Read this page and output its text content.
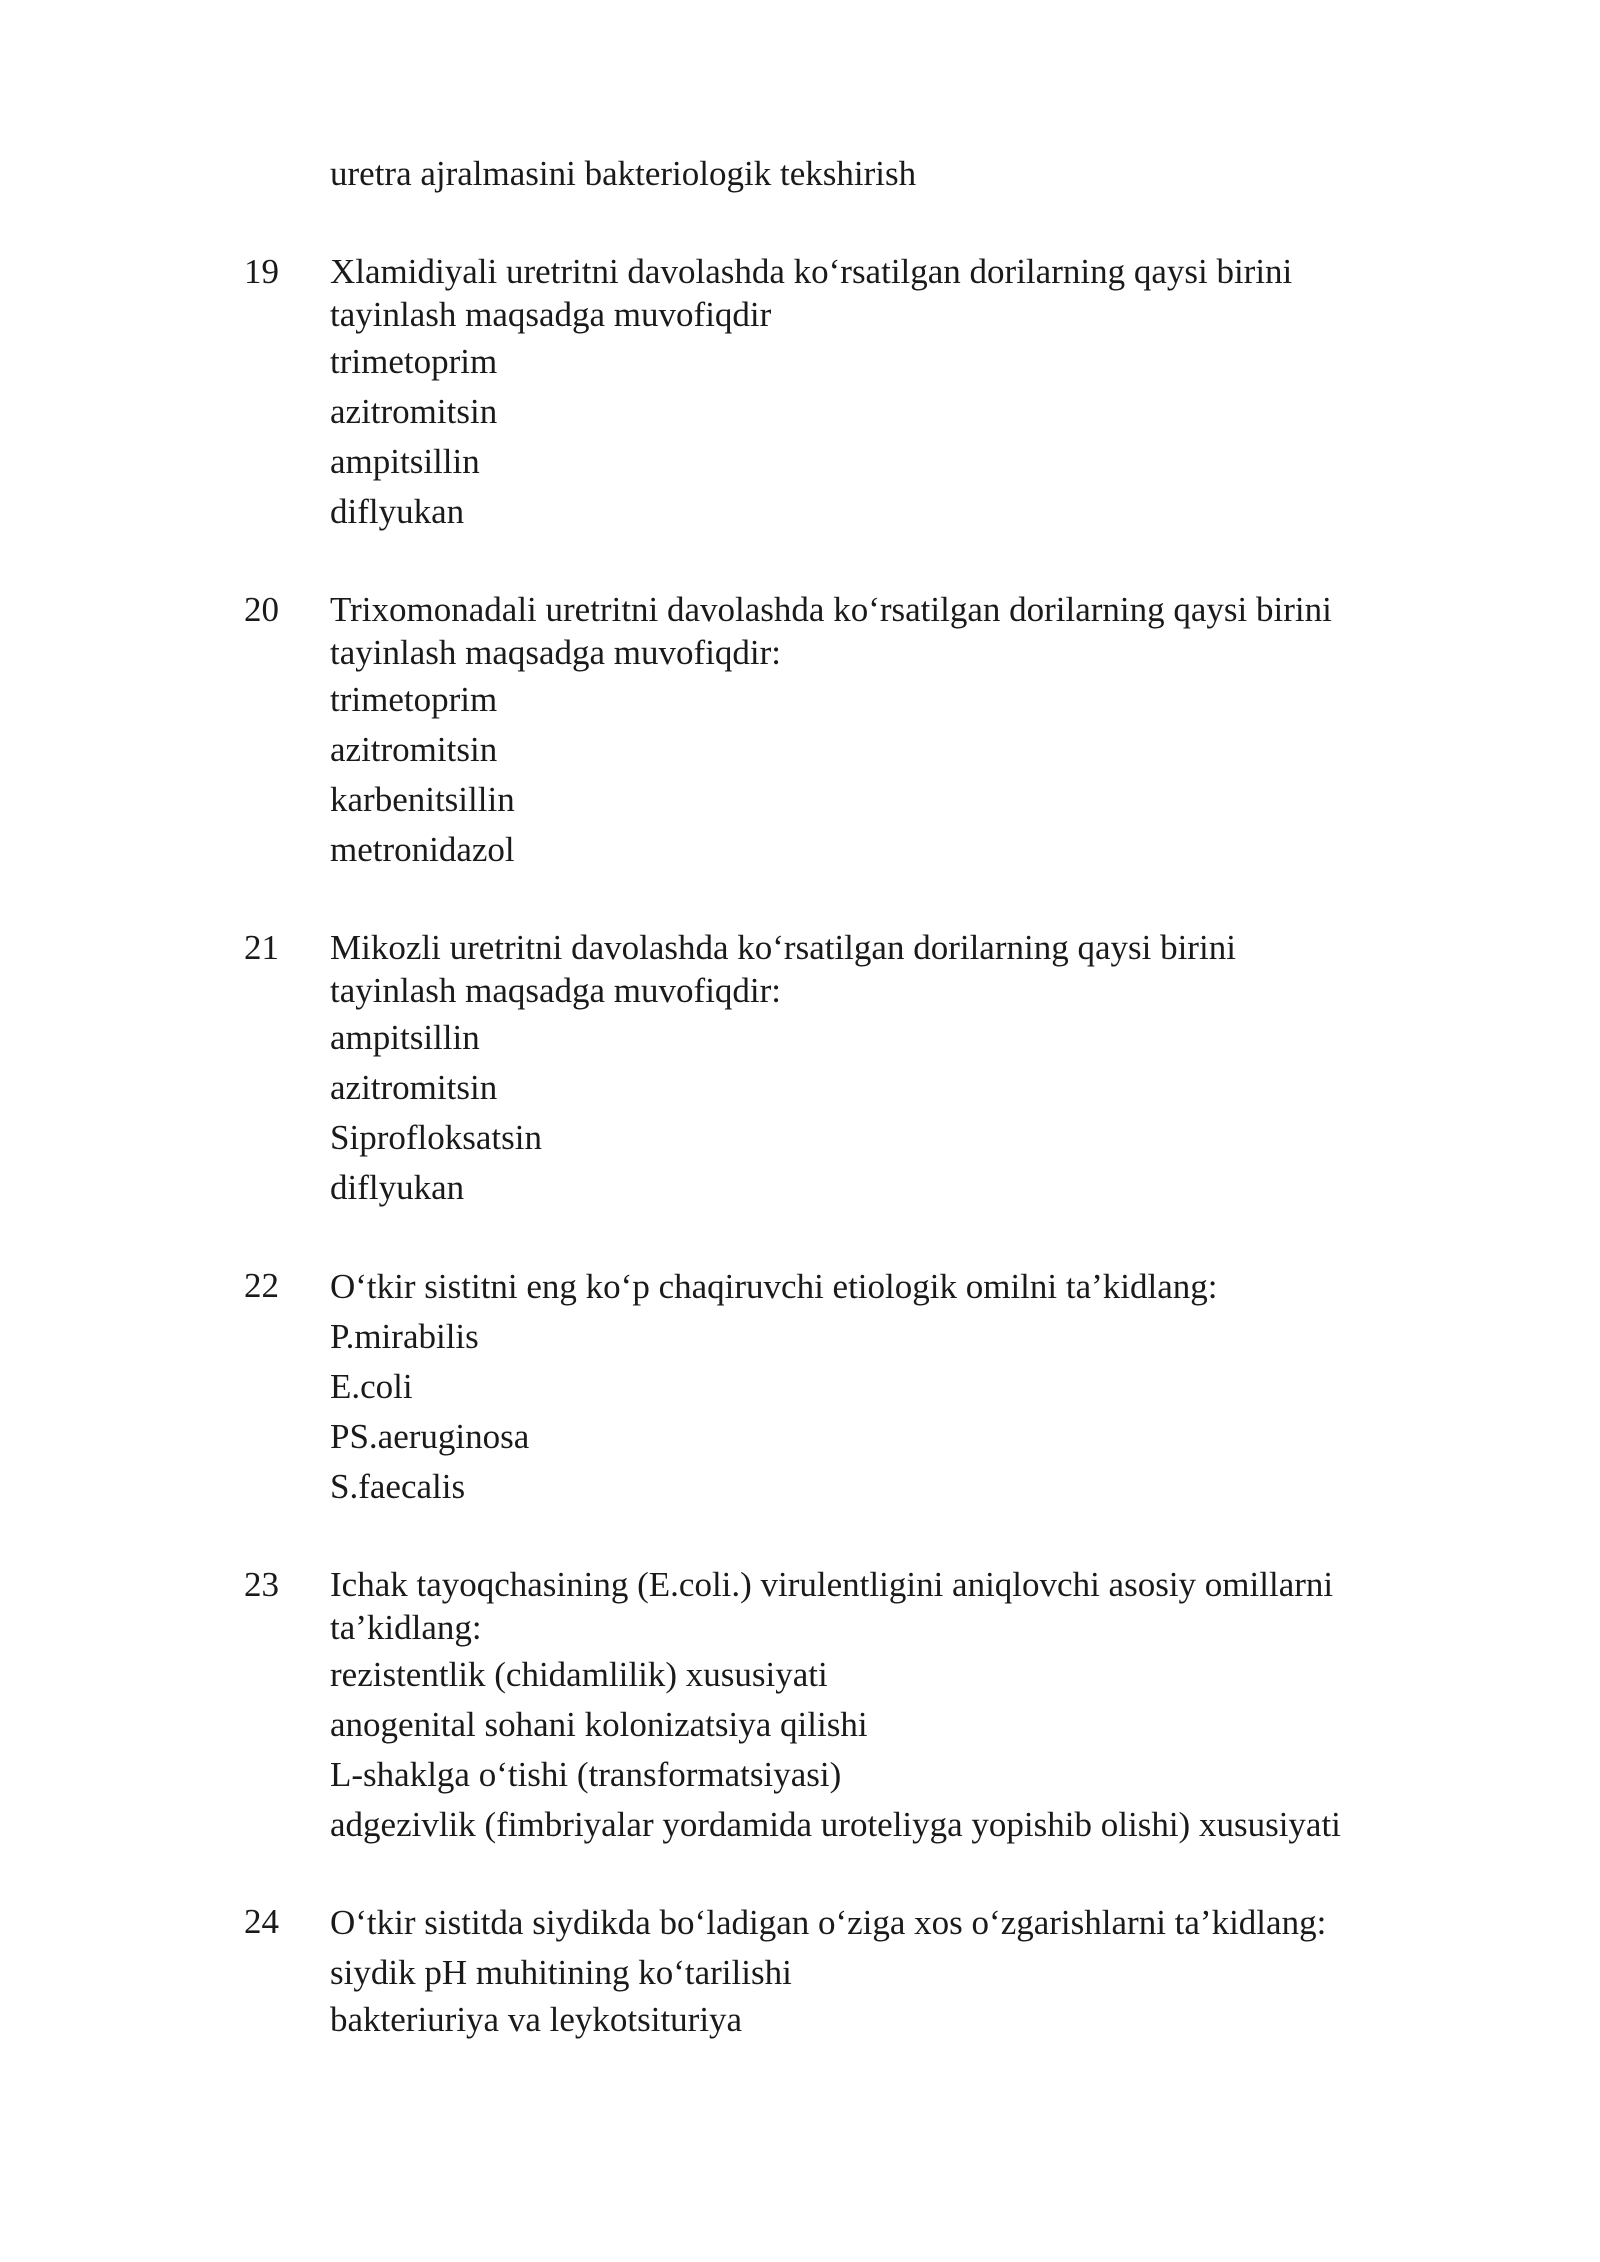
uretra ajralmasini bakteriologik tekshirish
19 Xlamidiyali uretritni davolashda ko‘rsatilgan dorilarning qaysi birini
tayinlash maqsadga muvofiqdir
trimetoprim
azitromitsin
ampitsillin
diflyukan
20 Trixomonadali uretritni davolashda ko‘rsatilgan dorilarning qaysi birini
tayinlash maqsadga muvofiqdir:
trimetoprim
azitromitsin
karbenitsillin
metronidazol
21 Mikozli uretritni davolashda ko‘rsatilgan dorilarning qaysi birini
tayinlash maqsadga muvofiqdir:
ampitsillin
azitromitsin
Siprofloksatsin
diflyukan
22 O‘tkir sistitni eng ko‘p chaqiruvchi etiologik omilni ta’kidlang:
P.mirabilis
E.coli
PS.aeruginosa
S.faecalis
23 Ichak tayoqchasining (E.coli.) virulentligini aniqlovchi asosiy omillarni
ta’kidlang:
rezistentlik (chidamlilik) xususiyati
anogenital sohani kolonizatsiya qilishi
L-shaklga o‘tishi (transformatsiyasi)
adgezivlik (fimbriyalar yordamida uroteliyga yopishib olishi) xususiyati
24 O‘tkir sistitda siydikda bo‘ladigan o‘ziga xos o‘zgarishlarni ta’kidlang:
siydik pH muhitining ko‘tarilishi
bakteriuriya va leykotsituriya
